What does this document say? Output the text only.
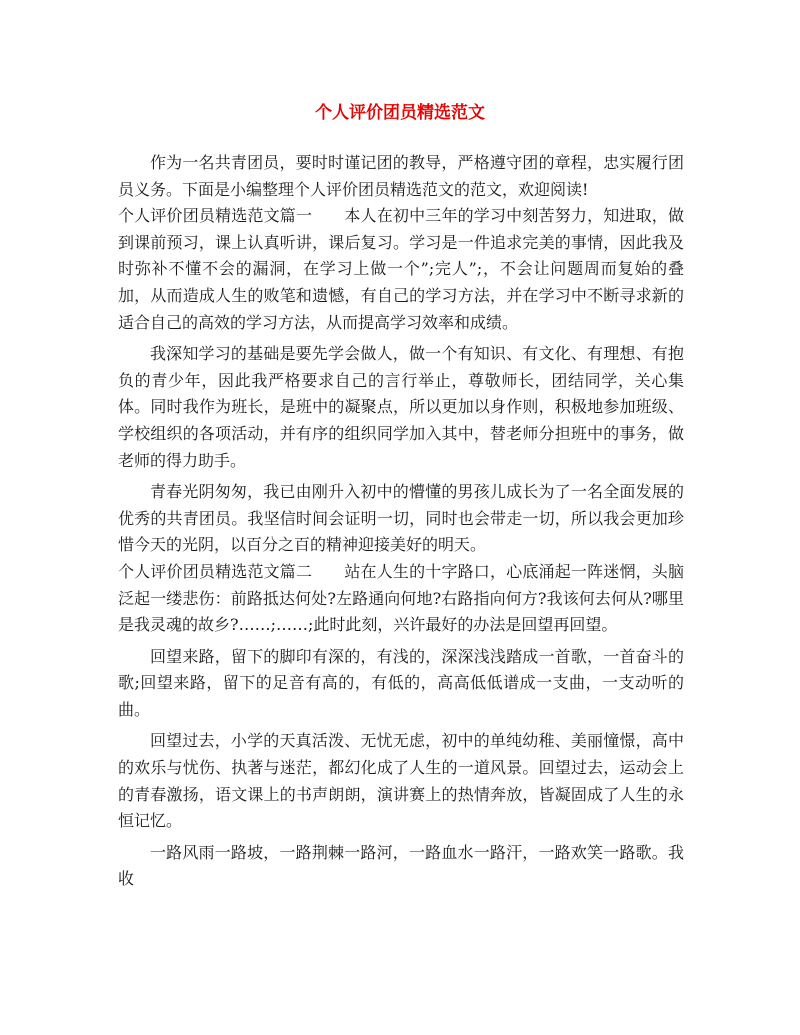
个人评价团员精选范文

作为一名共青团员，要时时谨记团的教导，严格遵守团的章程，忠实履行团员义务。下面是小编整理个人评价团员精选范文的范文，欢迎阅读!

个人评价团员精选范文篇一 本人在初中三年的学习中刻苦努力，知进取，做到课前预习，课上认真听讲，课后复习。学习是一件追求完美的事情，因此我及时弥补不懂不会的漏洞，在学习上做一个”;完人”;，不会让问题周而复始的叠加，从而造成人生的败笔和遗憾，有自己的学习方法，并在学习中不断寻求新的适合自己的高效的学习方法，从而提高学习效率和成绩。

我深知学习的基础是要先学会做人，做一个有知识、有文化、有理想、有抱负的青少年，因此我严格要求自己的言行举止，尊敬师长，团结同学，关心集体。同时我作为班长，是班中的凝聚点，所以更加以身作则，积极地参加班级、学校组织的各项活动，并有序的组织同学加入其中，替老师分担班中的事务，做老师的得力助手。

青春光阴匆匆，我已由刚升入初中的懵懂的男孩儿成长为了一名全面发展的优秀的共青团员。我坚信时间会证明一切，同时也会带走一切，所以我会更加珍惜今天的光阴，以百分之百的精神迎接美好的明天。

个人评价团员精选范文篇二 站在人生的十字路口，心底涌起一阵迷惘，头脑泛起一缕悲伤：前路抵达何处?左路通向何地?右路指向何方?我该何去何从?哪里是我灵魂的故乡?……;……;此时此刻，兴许最好的办法是回望再回望。

回望来路，留下的脚印有深的，有浅的，深深浅浅踏成一首歌，一首奋斗的歌;回望来路，留下的足音有高的，有低的，高高低低谱成一支曲，一支动听的曲。

回望过去，小学的天真活泼、无忧无虑，初中的单纯幼稚、美丽憧憬，高中的欢乐与忧伤、执著与迷茫，都幻化成了人生的一道风景。回望过去，运动会上的青春激扬，语文课上的书声朗朗，演讲赛上的热情奔放，皆凝固成了人生的永恒记忆。

一路风雨一路坡，一路荆棘一路河，一路血水一路汗，一路欢笑一路歌。我收
